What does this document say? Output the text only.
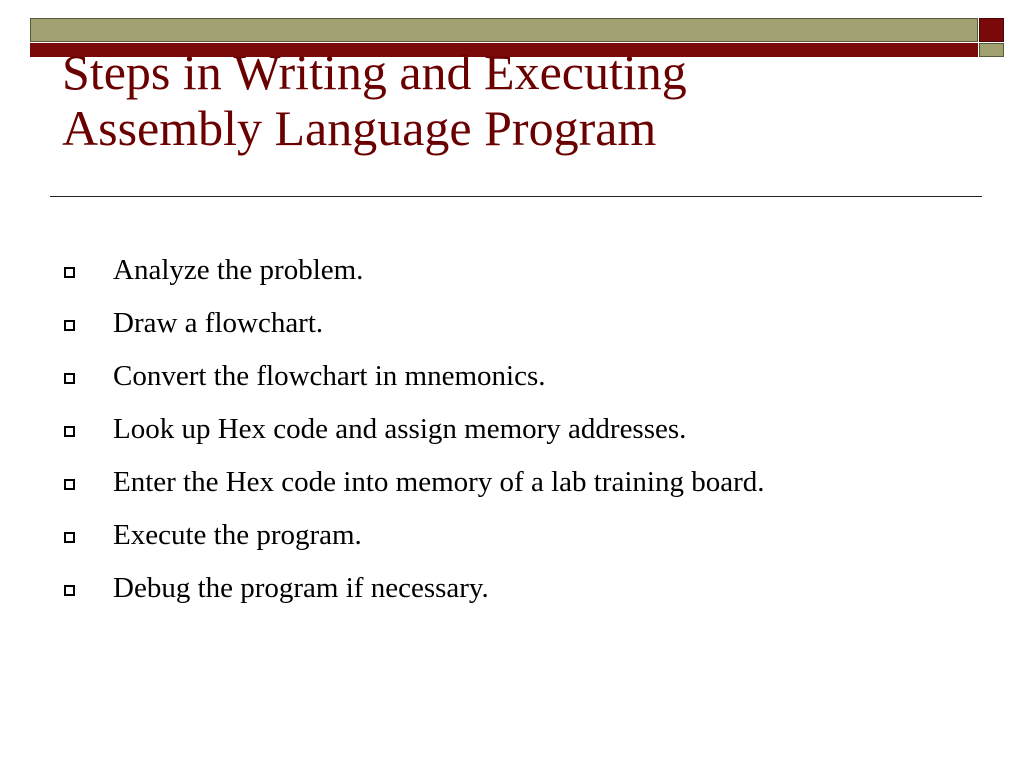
Steps in Writing and Executing
Assembly Language Program
Analyze the problem.
Draw a flowchart.
Convert the flowchart in mnemonics.
Look up Hex code and assign memory addresses.
Enter the Hex code into memory of a lab training board.
Execute the program.
Debug the program if necessary.
